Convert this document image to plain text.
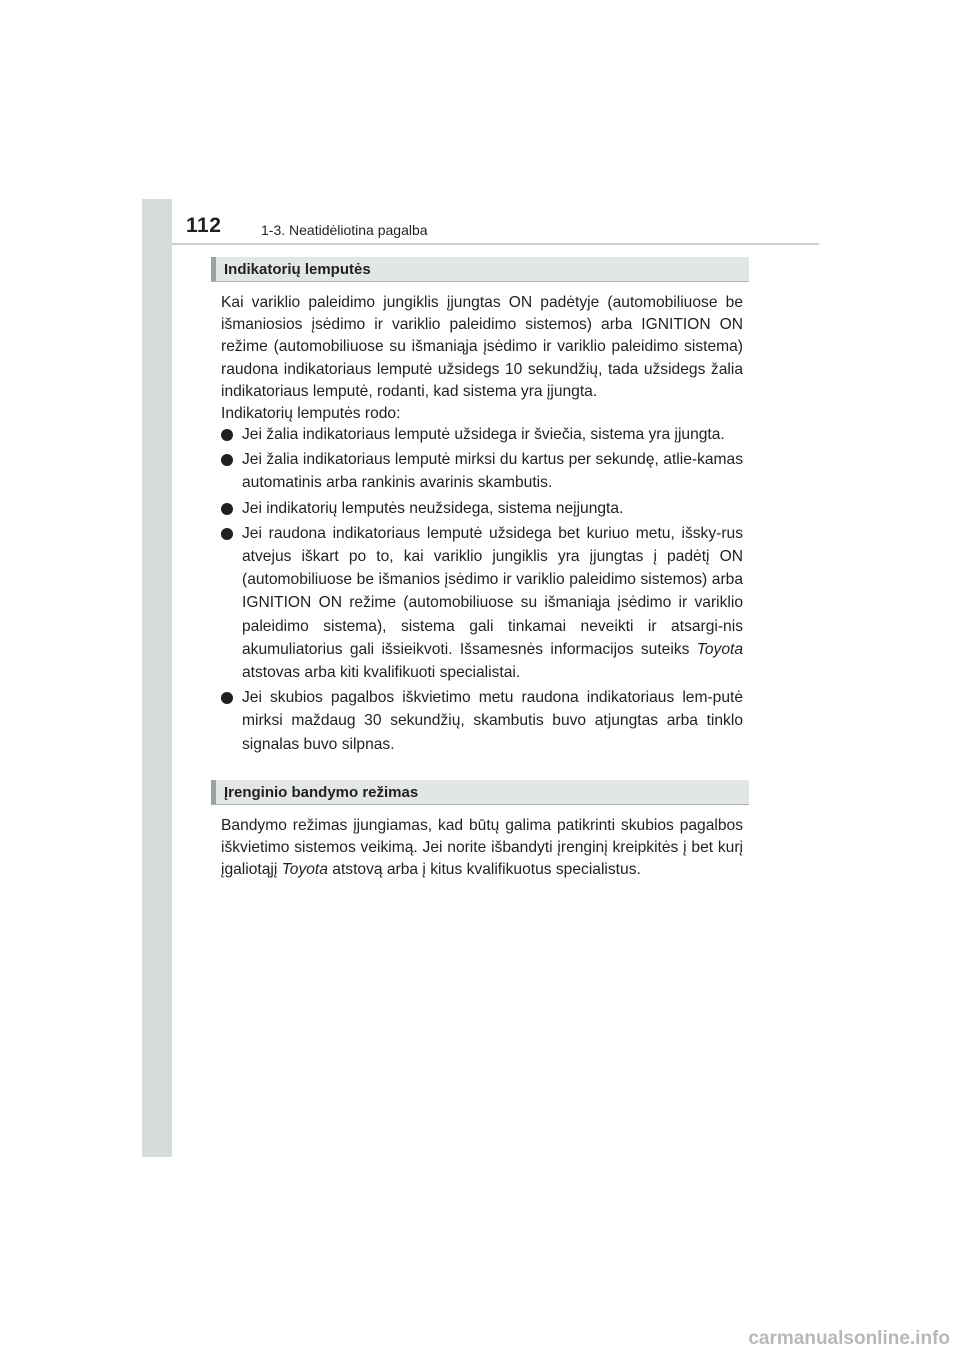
112	1-3. Neatidėliotina pagalba
Indikatorių lemputės
Kai variklio paleidimo jungiklis įjungtas ON padėtyje (automobiliuose be išmaniosios įsėdimo ir variklio paleidimo sistemos) arba IGNITION ON režime (automobiliuose su išmaniąja įsėdimo ir variklio paleidimo sistema) raudona indikatoriaus lemputė užsidegs 10 sekundžių, tada užsidegs žalia indikatoriaus lemputė, rodanti, kad sistema yra įjungta.
Indikatorių lemputės rodo:
Jei žalia indikatoriaus lemputė užsidega ir šviečia, sistema yra įjungta.
Jei žalia indikatoriaus lemputė mirksi du kartus per sekundę, atlie-kamas automatinis arba rankinis avarinis skambutis.
Jei indikatorių lemputės neužsidega, sistema neįjungta.
Jei raudona indikatoriaus lemputė užsidega bet kuriuo metu, išsky-rus atvejus iškart po to, kai variklio jungiklis yra įjungtas į padėtį ON (automobiliuose be išmanios įsėdimo ir variklio paleidimo sistemos) arba IGNITION ON režime (automobiliuose su išmaniąja įsėdimo ir variklio paleidimo sistema), sistema gali tinkamai neveikti ir atsargi-nis akumuliatorius gali išsieikvoti. Išsamesnės informacijos suteiks Toyota atstovas arba kiti kvalifikuoti specialistai.
Jei skubios pagalbos iškvietimo metu raudona indikatoriaus lem-putė mirksi maždaug 30 sekundžių, skambutis buvo atjungtas arba tinklo signalas buvo silpnas.
Įrenginio bandymo režimas
Bandymo režimas įjungiamas, kad būtų galima patikrinti skubios pagalbos iškvietimo sistemos veikimą. Jei norite išbandyti įrenginį kreipkitės į bet kurį įgaliotąjį Toyota atstovą arba į kitus kvalifikuotus specialistus.
carmanualsonline.info
